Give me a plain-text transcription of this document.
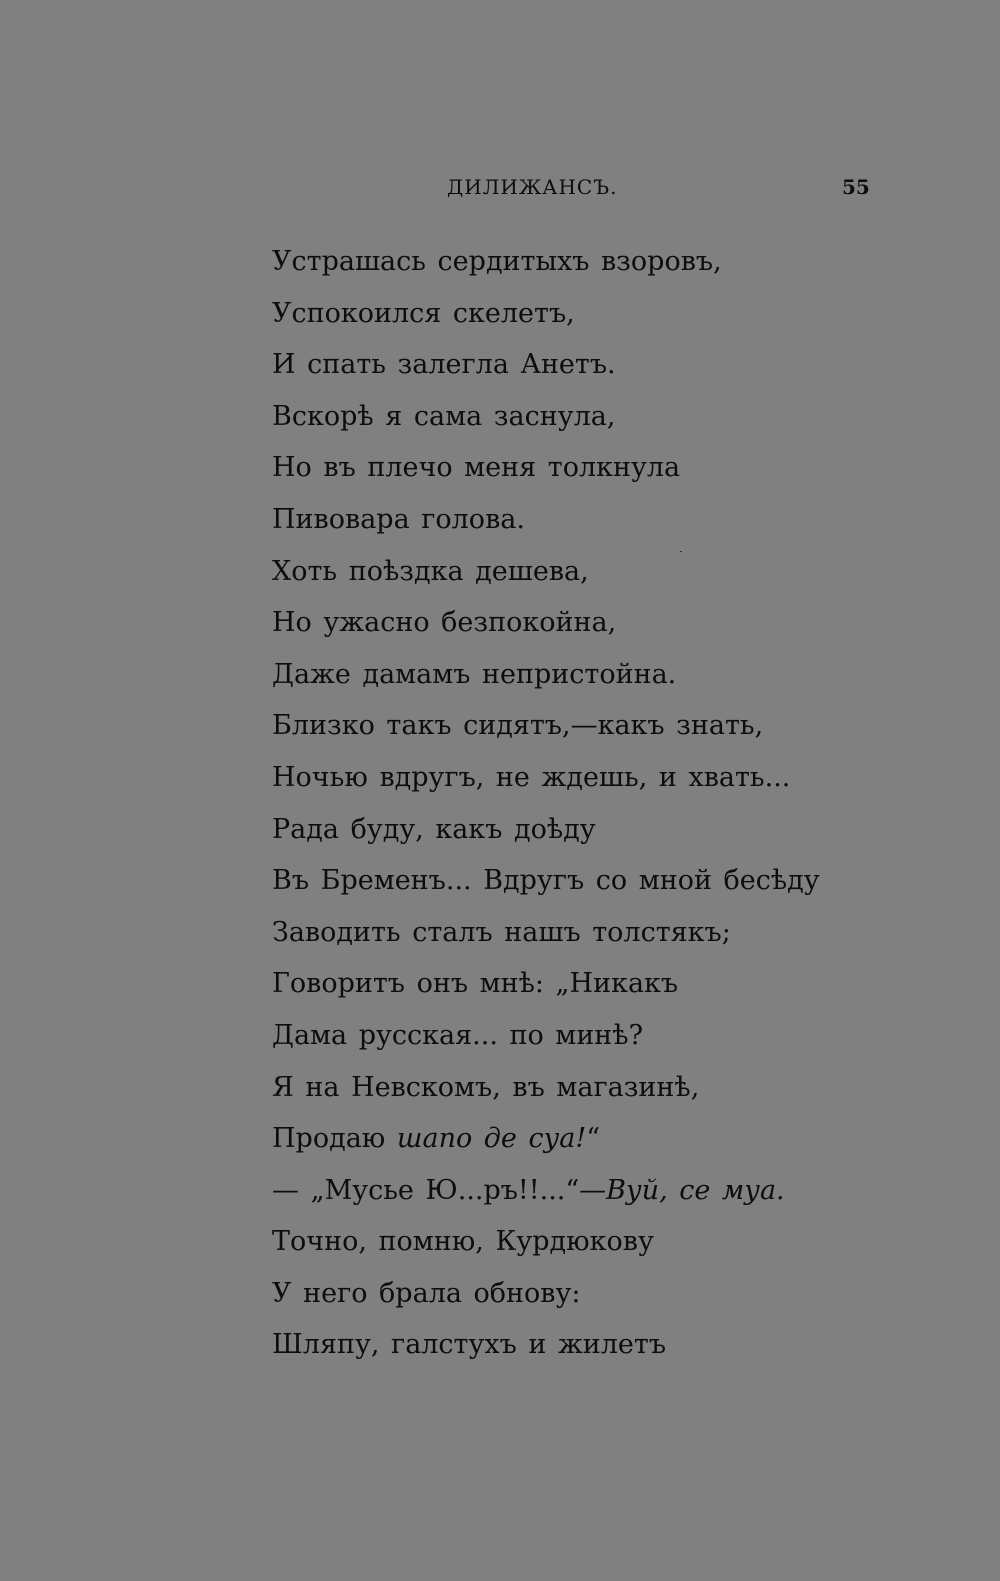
ДИЛИЖАНСЪ.	55
Устрашась сердитыхъ взоровъ,
Успокоился скелетъ,
И спать залегла Анетъ.
Вскорѣ я сама заснула,
Но въ плечо меня толкнула
Пивовара голова.
Хоть поѣздка дешева,
Но ужасно безпокойна,
Даже дамамъ непристойна.
Близко такъ сидятъ,—какъ знать,
Ночью вдругъ, не ждешь, и хвать...
Рада буду, какъ доѣду
Въ Бременъ... Вдругъ со мной бесѣду
Заводить сталъ нашъ толстякъ;
Говоритъ онъ мнѣ: „Никакъ
Дама русская... по минѣ?
Я на Невскомъ, въ магазинѣ,
Продаю шапо де суа!“
— „Мусье Ю...ръ!!...“—Вуй, се муа.
Точно, помню, Курдюкову
У него брала обнову:
Шляпу, галстухъ и жилетъ
